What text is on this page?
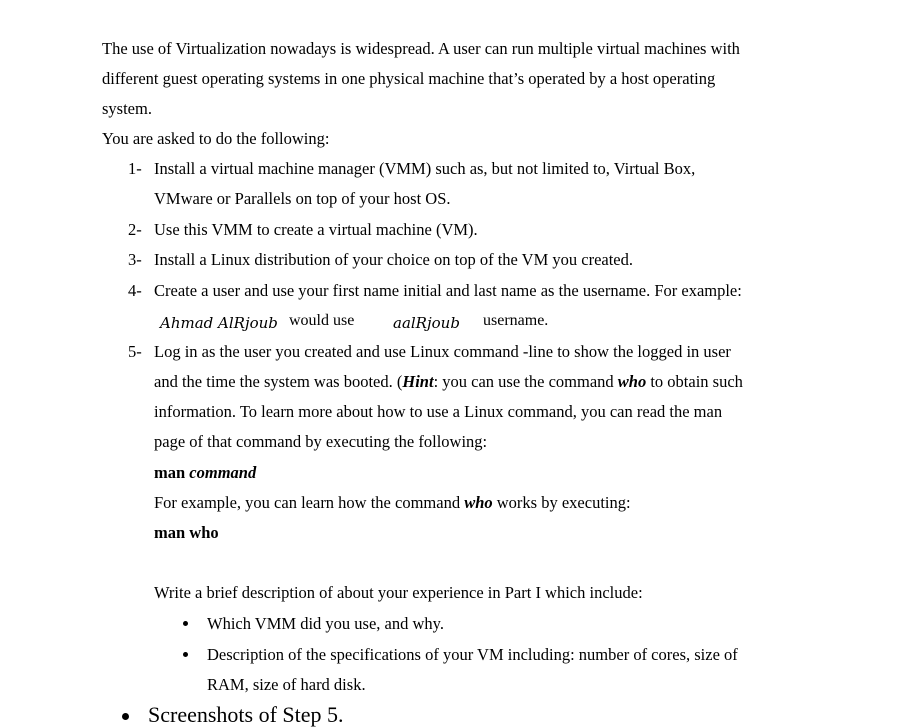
The use of Virtualization nowadays is widespread. A user can run multiple virtual machines with
different guest operating systems in one physical machine that’s operated by a host operating
system.
You are asked to do the following:
1- Install a virtual machine manager (VMM) such as, but not limited to, Virtual Box,
VMware or Parallels on top of your host OS.
2- Use this VMM to create a virtual machine (VM).
3- Install a Linux distribution of your choice on top of the VM you created.
4- Create a user and use your first name initial and last name as the username. For example:
Ahmad AlRjoub would use	aalRjoub username.
5- Log in as the user you created and use Linux command -line to show the logged in user
and the time the system was booted. (Hint: you can use the command who to obtain such
information. To learn more about how to use a Linux command, you can read the man
page of that command by executing the following:
man command
For example, you can learn how the command who works by executing:
man who
Write a brief description of about your experience in Part I which include:
Which VMM did you use, and why.
Description of the specifications of your VM including: number of cores, size of
RAM, size of hard disk.
Screenshots of Step 5.
